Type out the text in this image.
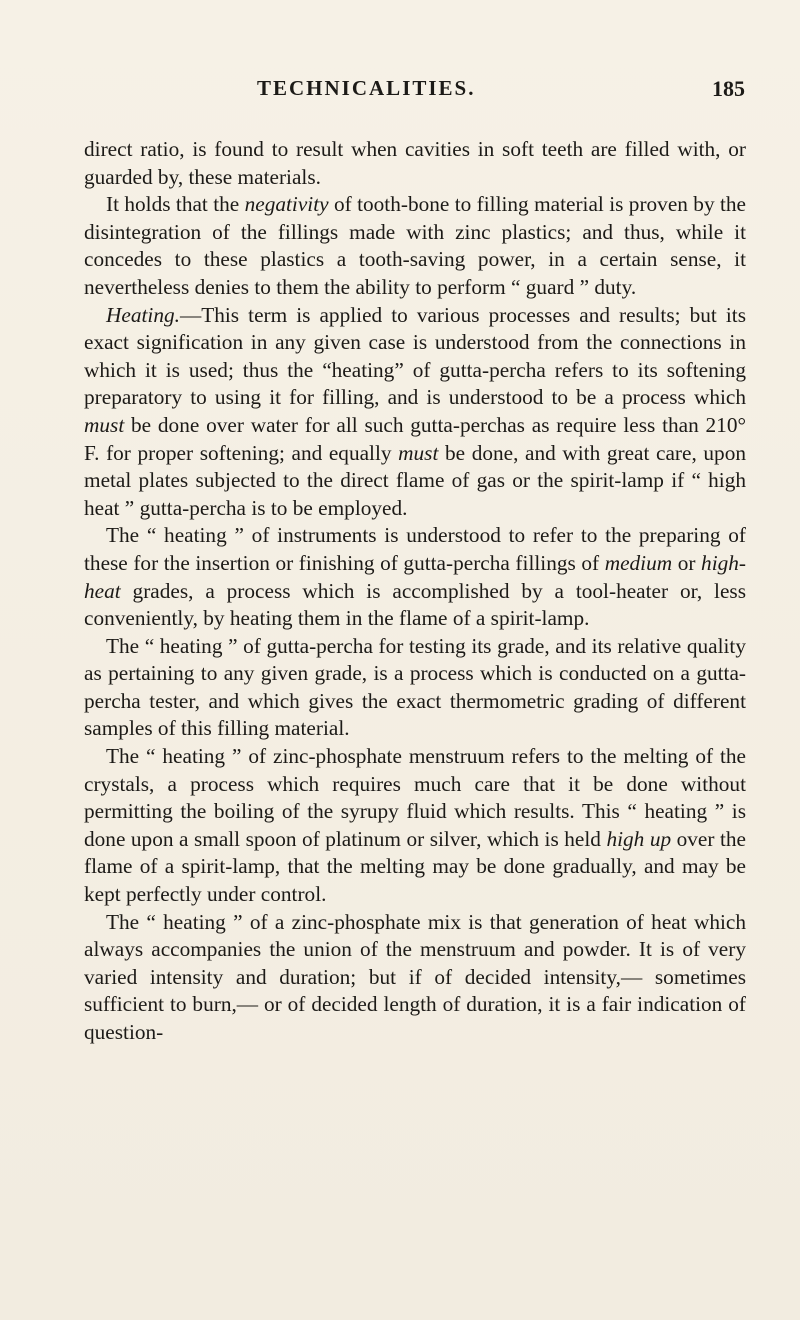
TECHNICALITIES.	185

direct ratio, is found to result when cavities in soft teeth are filled with, or guarded by, these materials.

It holds that the negativity of tooth-bone to filling material is proven by the disintegration of the fillings made with zinc plastics; and thus, while it concedes to these plastics a tooth-saving power, in a certain sense, it nevertheless denies to them the ability to perform “ guard ” duty.

Heating.—This term is applied to various processes and results; but its exact signification in any given case is understood from the connections in which it is used; thus the “heating” of gutta-percha refers to its softening preparatory to using it for filling, and is understood to be a process which must be done over water for all such gutta-perchas as require less than 210° F. for proper softening; and equally must be done, and with great care, upon metal plates subjected to the direct flame of gas or the spirit-lamp if “ high heat ” gutta-percha is to be employed.

The “ heating ” of instruments is understood to refer to the preparing of these for the insertion or finishing of gutta-percha fillings of medium or high-heat grades, a process which is accomplished by a tool-heater or, less conveniently, by heating them in the flame of a spirit-lamp.

The “ heating ” of gutta-percha for testing its grade, and its relative quality as pertaining to any given grade, is a process which is conducted on a gutta-percha tester, and which gives the exact thermometric grading of different samples of this filling material.

The “ heating ” of zinc-phosphate menstruum refers to the melting of the crystals, a process which requires much care that it be done without permitting the boiling of the syrupy fluid which results. This “ heating ” is done upon a small spoon of platinum or silver, which is held high up over the flame of a spirit-lamp, that the melting may be done gradually, and may be kept perfectly under control.

The “ heating ” of a zinc-phosphate mix is that generation of heat which always accompanies the union of the menstruum and powder. It is of very varied intensity and duration; but if of decided intensity,— sometimes sufficient to burn,— or of decided length of duration, it is a fair indication of question-
